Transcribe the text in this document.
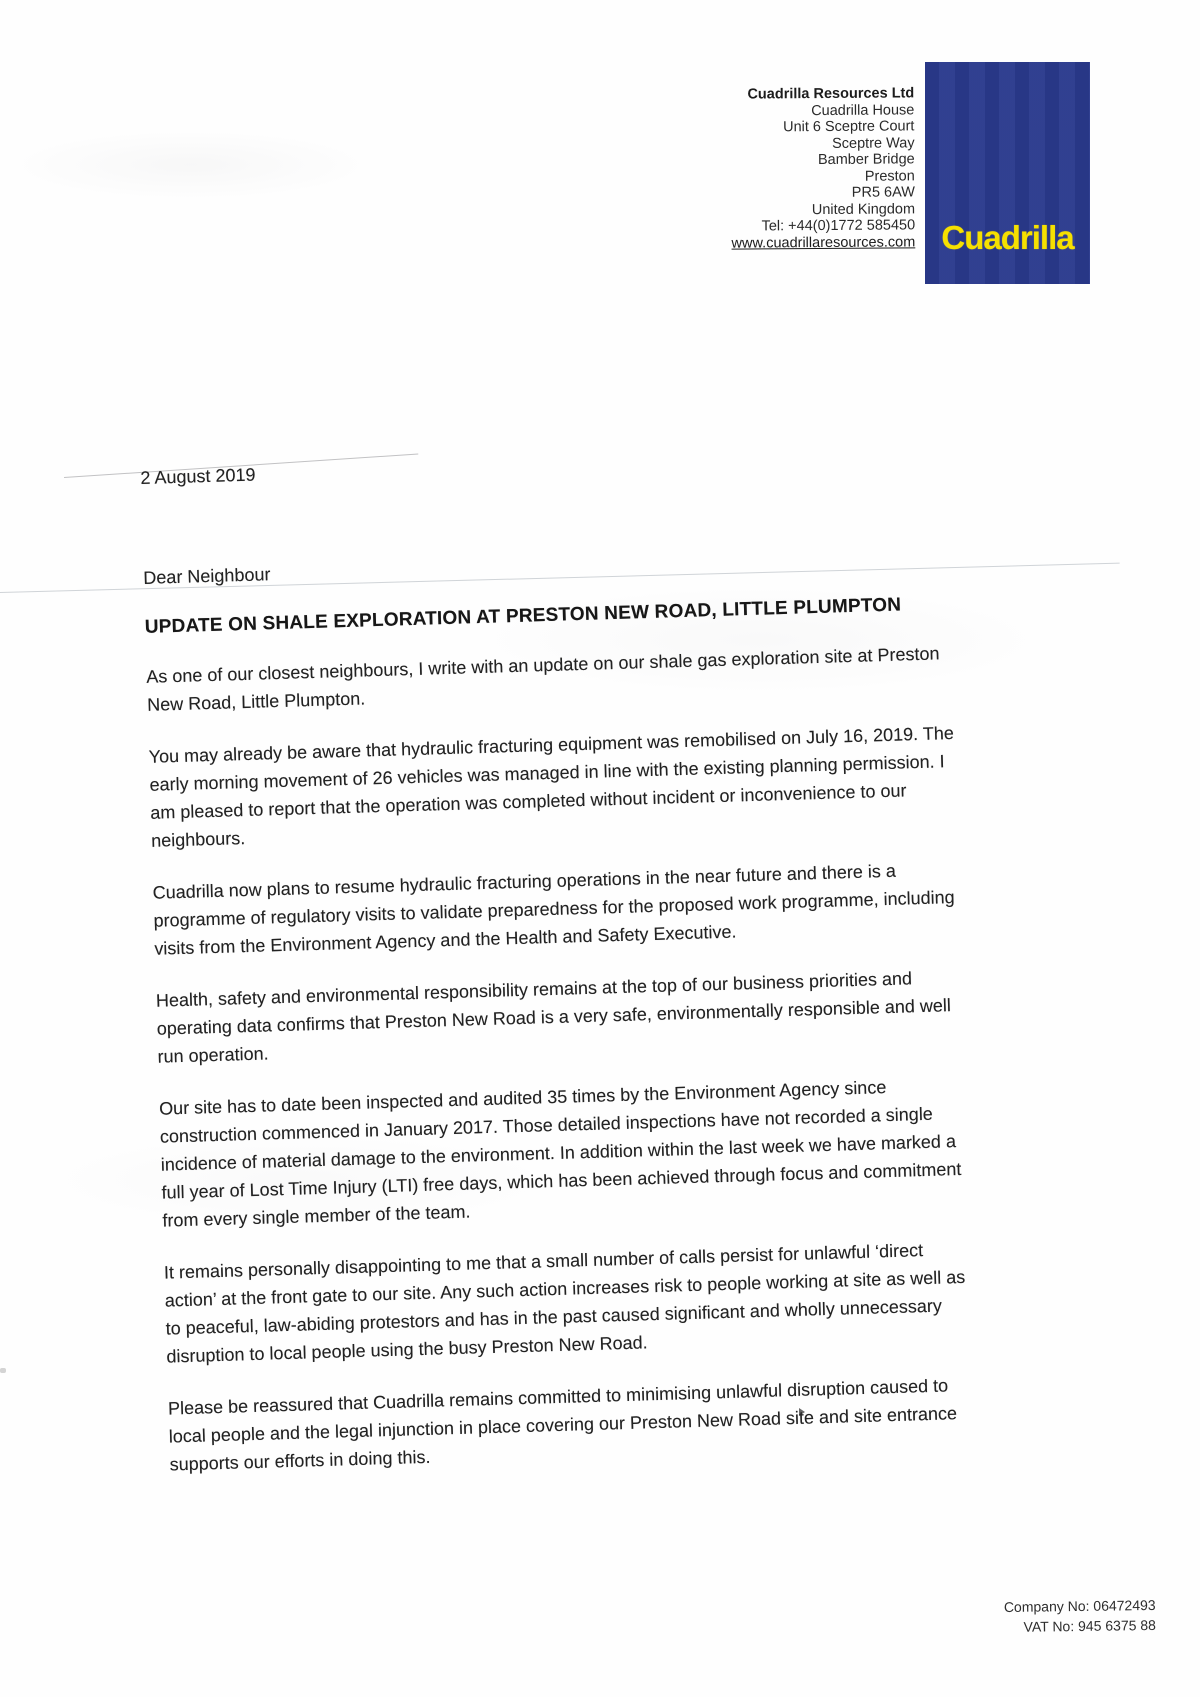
Cuadrilla Resources Ltd
Cuadrilla House
Unit 6 Sceptre Court
Sceptre Way
Bamber Bridge
Preston
PR5 6AW
United Kingdom
Tel: +44(0)1772 585450
www.cuadrillaresources.com Cuadrilla
2 August 2019
Dear Neighbour
UPDATE ON SHALE EXPLORATION AT PRESTON NEW ROAD, LITTLE PLUMPTON

As one of our closest neighbours, I write with an update on our shale gas exploration site at Preston
New Road, Little Plumpton.

You may already be aware that hydraulic fracturing equipment was remobilised on July 16, 2019. The
early morning movement of 26 vehicles was managed in line with the existing planning permission. I
am pleased to report that the operation was completed without incident or inconvenience to our
neighbours.

Cuadrilla now plans to resume hydraulic fracturing operations in the near future and there is a
programme of regulatory visits to validate preparedness for the proposed work programme, including
visits from the Environment Agency and the Health and Safety Executive.

Health, safety and environmental responsibility remains at the top of our business priorities and
operating data confirms that Preston New Road is a very safe, environmentally responsible and well
run operation.

Our site has to date been inspected and audited 35 times by the Environment Agency since
construction commenced in January 2017. Those detailed inspections have not recorded a single
incidence of material damage to the environment. In addition within the last week we have marked a
full year of Lost Time Injury (LTI) free days, which has been achieved through focus and commitment
from every single member of the team.

It remains personally disappointing to me that a small number of calls persist for unlawful ‘direct
action’ at the front gate to our site. Any such action increases risk to people working at site as well as
to peaceful, law-abiding protestors and has in the past caused significant and wholly unnecessary
disruption to local people using the busy Preston New Road.

Please be reassured that Cuadrilla remains committed to minimising unlawful disruption caused to
local people and the legal injunction in place covering our Preston New Road site and site entrance
supports our efforts in doing this.

Company No: 06472493
VAT No: 945 6375 88
